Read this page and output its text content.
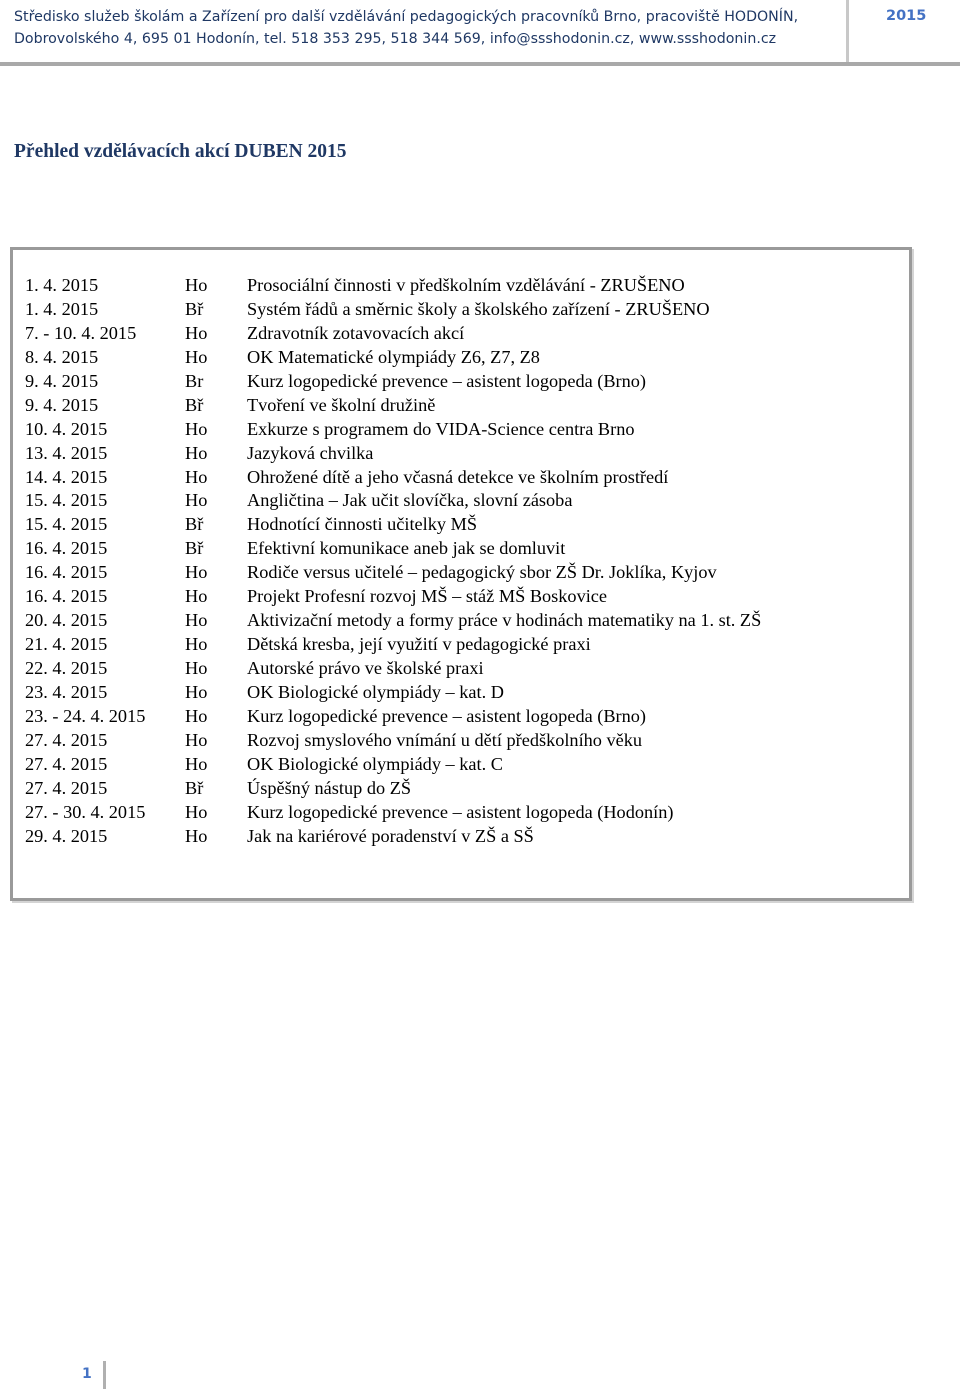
Středisko služeb školám a Zařízení pro další vzdělávání pedagogických pracovníků Brno, pracoviště HODONÍN,
Dobrovolského 4, 695 01 Hodonín, tel. 518 353 295, 518 344 569, info@ssshodonin.cz, www.ssshodonin.cz
2015
Přehled vzdělávacích akcí DUBEN 2015
1. 4. 2015	Ho Prosociální činnosti v předškolním vzdělávání - ZRUŠENO
1. 4. 2015	Bř Systém řádů a směrnic školy a školského zařízení - ZRUŠENO
7. - 10. 4. 2015	Ho Zdravotník zotavovacích akcí
8. 4. 2015	Ho OK Matematické olympiády Z6, Z7, Z8
9. 4. 2015	Br Kurz logopedické prevence – asistent logopeda (Brno)
9. 4. 2015	Bř Tvoření ve školní družině
10. 4. 2015	Ho Exkurze s programem do VIDA-Science centra Brno
13. 4. 2015	Ho Jazyková chvilka
14. 4. 2015	Ho Ohrožené dítě a jeho včasná detekce ve školním prostředí
15. 4. 2015	Ho Angličtina – Jak učit slovíčka, slovní zásoba
15. 4. 2015	Bř Hodnotící činnosti učitelky MŠ
16. 4. 2015	Bř Efektivní komunikace aneb jak se domluvit
16. 4. 2015	Ho Rodiče versus učitelé – pedagogický sbor ZŠ Dr. Joklíka, Kyjov
16. 4. 2015	Ho Projekt Profesní rozvoj MŠ – stáž MŠ Boskovice
20. 4. 2015	Ho Aktivizační metody a formy práce v hodinách matematiky na 1. st. ZŠ
21. 4. 2015	Ho Dětská kresba, její využití v pedagogické praxi
22. 4. 2015	Ho Autorské právo ve školské praxi
23. 4. 2015	Ho OK Biologické olympiády – kat. D
23. - 24. 4. 2015 Ho Kurz logopedické prevence – asistent logopeda (Brno)
27. 4. 2015	Ho Rozvoj smyslového vnímání u dětí předškolního věku
27. 4. 2015	Ho OK Biologické olympiády – kat. C
27. 4. 2015	Bř Úspěšný nástup do ZŠ
27. - 30. 4. 2015 Ho Kurz logopedické prevence – asistent logopeda (Hodonín)
29. 4. 2015	Ho Jak na kariérové poradenství v ZŠ a SŠ
1
